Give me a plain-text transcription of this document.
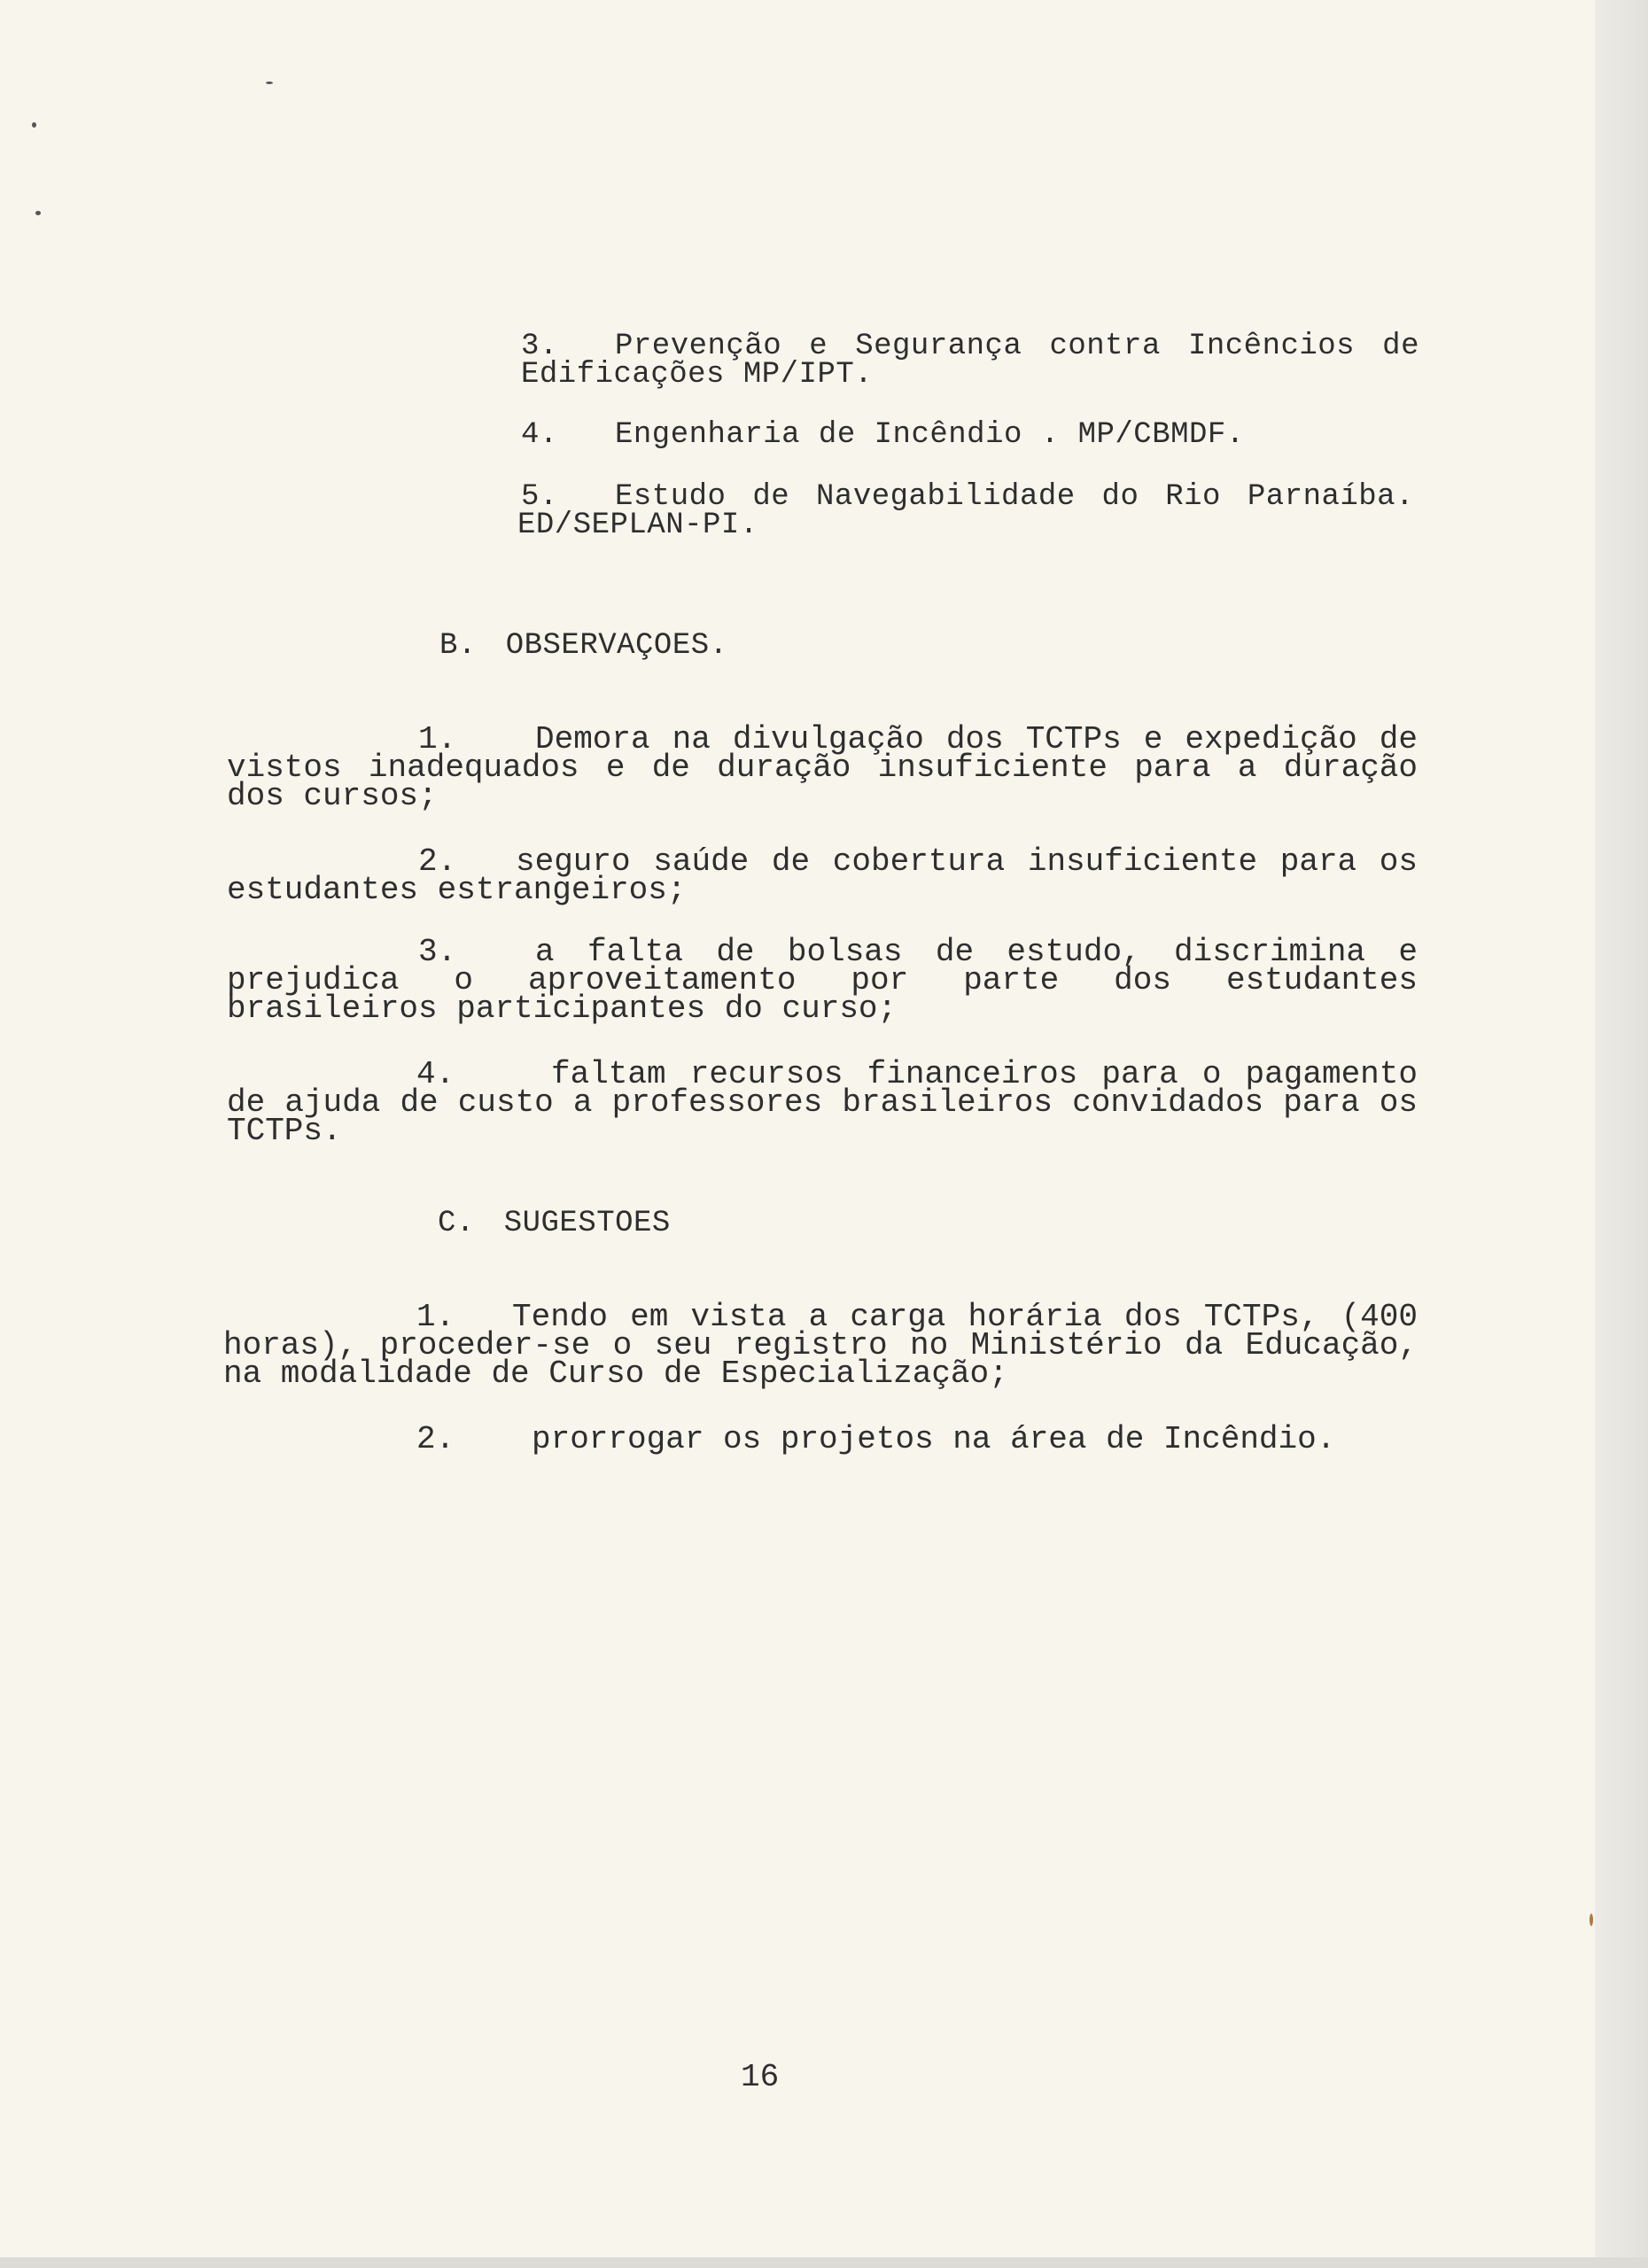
3. Prevenção e Segurança contra Incêncios de
Edificações MP/IPT.
4. Engenharia de Incêndio . MP/CBMDF.
5. Estudo de Navegabilidade do Rio Parnaíba.
ED/SEPLAN-PI.
B. OBSERVAÇOES.
1. Demora na divulgação dos TCTPs e expedição de
vistos inadequados e de duração insuficiente para a duração
dos cursos;
2. seguro saúde de cobertura insuficiente para os
estudantes estrangeiros;
3. a falta de bolsas de estudo, discrimina e
prejudica o aproveitamento por parte dos estudantes
brasileiros participantes do curso;
4.	faltam recursos financeiros para o pagamento
de ajuda de custo a professores brasileiros convidados para os
TCTPs.
C. SUGESTOES
1. Tendo em vista a carga horária dos TCTPs, (400
horas), proceder-se o seu registro no Ministério da Educação,
na modalidade de Curso de Especialização;
2. prorrogar os projetos na área de Incêndio.
16
